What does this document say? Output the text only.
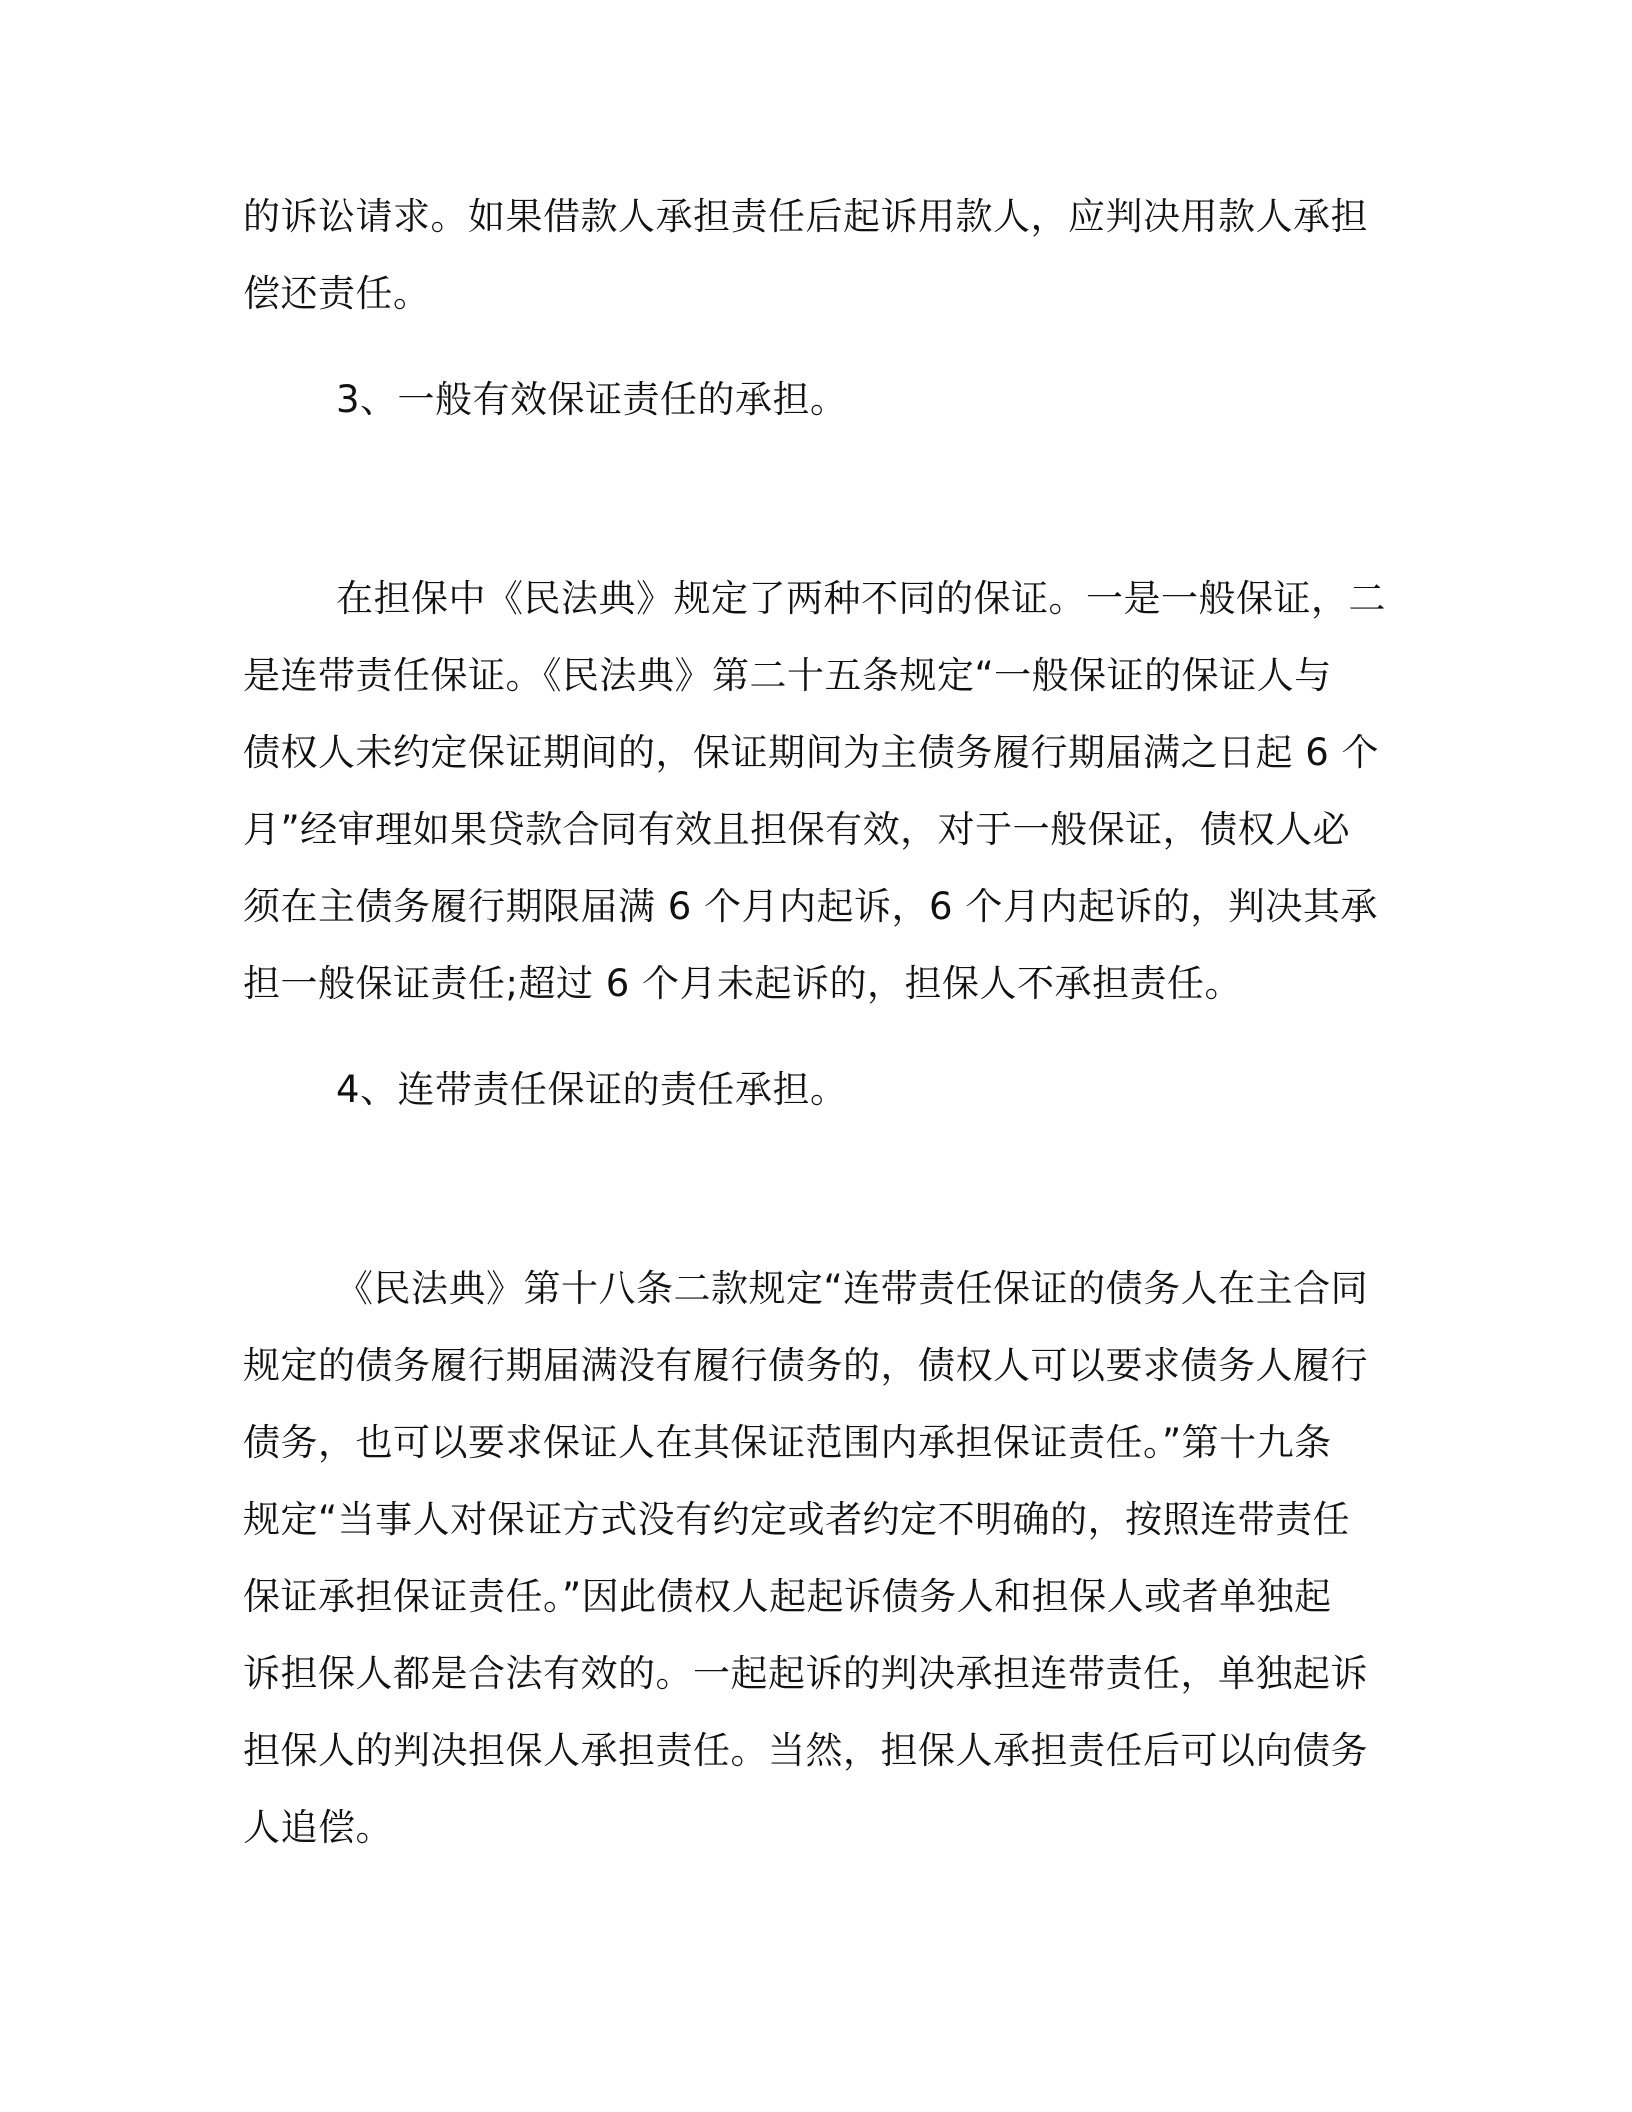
的诉讼请求。如果借款人承担责任后起诉用款人，应判决用款人承担

偿还责任。

3、一般有效保证责任的承担。

在担保中《民法典》规定了两种不同的保证。一是一般保证，二

是连带责任保证。《民法典》第二十五条规定“一般保证的保证人与

债权人未约定保证期间的，保证期间为主债务履行期届满之日起 6 个

月”经审理如果贷款合同有效且担保有效，对于一般保证，债权人必

须在主债务履行期限届满 6 个月内起诉，6 个月内起诉的，判决其承

担一般保证责任;超过 6 个月未起诉的，担保人不承担责任。

4、连带责任保证的责任承担。

《民法典》第十八条二款规定“连带责任保证的债务人在主合同

规定的债务履行期届满没有履行债务的，债权人可以要求债务人履行

债务，也可以要求保证人在其保证范围内承担保证责任。”第十九条

规定“当事人对保证方式没有约定或者约定不明确的，按照连带责任

保证承担保证责任。”因此债权人起起诉债务人和担保人或者单独起

诉担保人都是合法有效的。一起起诉的判决承担连带责任，单独起诉

担保人的判决担保人承担责任。当然，担保人承担责任后可以向债务

人追偿。
